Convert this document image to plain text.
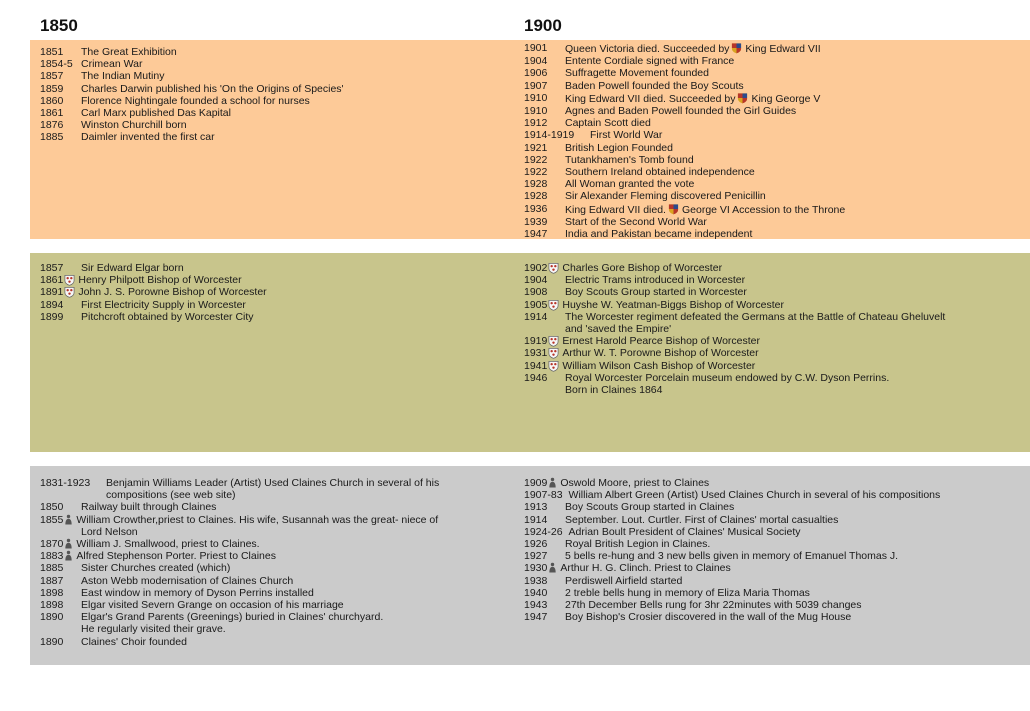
1850	1900
1851	The Great Exhibition
1854-5 Crimean War
1857	The Indian Mutiny
1859	Charles Darwin published his 'On the Origins of Species'
1860	Florence Nightingale founded a school for nurses
1861	Carl Marx published Das Kapital
1876	Winston Churchill born
1885	Daimler invented the first car
1901	Queen Victoria died. Succeeded by King Edward VII
1904	Entente Cordiale signed with France
1906	Suffragette Movement founded
1907	Baden Powell founded the Boy Scouts
1910	King Edward VII died. Succeeded by King George V
1910	Agnes and Baden Powell founded the Girl Guides
1912	Captain Scott died
1914-1919	First World War
1921	British Legion Founded
1922	Tutankhamen's Tomb found
1922	Southern Ireland obtained independence
1928	All Woman granted the vote
1928	Sir Alexander Fleming discovered Penicillin
1936	King Edward VII died. George VI Accession to the Throne
1939	Start of the Second World War
1947	India and Pakistan became independent
1857	Sir Edward Elgar born
1861 Henry Philpott Bishop of Worcester
1891 John J. S. Porowne Bishop of Worcester
1894	First Electricity Supply in Worcester
1899	Pitchcroft obtained by Worcester City
1902 Charles Gore Bishop of Worcester
1904	Electric Trams introduced in Worcester
1908	Boy Scouts Group started in Worcester
1905 Huyshe W. Yeatman-Biggs Bishop of Worcester
1914	The Worcester regiment defeated the Germans at the Battle of Chateau Gheluvelt
and 'saved the Empire'
1919 Ernest Harold Pearce Bishop of Worcester
1931 Arthur W. T. Porowne Bishop of Worcester
1941 William Wilson Cash Bishop of Worcester
1946	Royal Worcester Porcelain museum endowed by C.W. Dyson Perrins.
Born in Claines 1864
1831-1923	Benjamin Williams Leader (Artist) Used Claines Church in several of his
compositions (see web site)
1850	Railway built through Claines
1855 William Crowther,priest to Claines. His wife, Susannah was the great- niece of
Lord Nelson
1870 William J. Smallwood, priest to Claines.
1883 Alfred Stephenson Porter. Priest to Claines
1885	Sister Churches created (which)
1887	Aston Webb modernisation of Claines Church
1898	East window in memory of Dyson Perrins installed
1898	Elgar visited Severn Grange on occasion of his marriage
1890	Elgar's Grand Parents (Greenings) buried in Claines' churchyard.
He regularly visited their grave.
1890	Claines' Choir founded
1909 Oswold Moore, priest to Claines
1907-83 William Albert Green (Artist) Used Claines Church in several of his compositions
1913	Boy Scouts Group started in Claines
1914	September. Lout. Curtler. First of Claines' mortal casualties
1924-26 Adrian Boult President of Claines' Musical Society
1926	Royal British Legion in Claines.
1927	5 bells re-hung and 3 new bells given in memory of Emanuel Thomas J.
1930 Arthur H. G. Clinch. Priest to Claines
1938	Perdiswell Airfield started
1940	2 treble bells hung in memory of Eliza Maria Thomas
1943	27th December Bells rung for 3hr 22minutes with 5039 changes
1947	Boy Bishop's Crosier discovered in the wall of the Mug House
